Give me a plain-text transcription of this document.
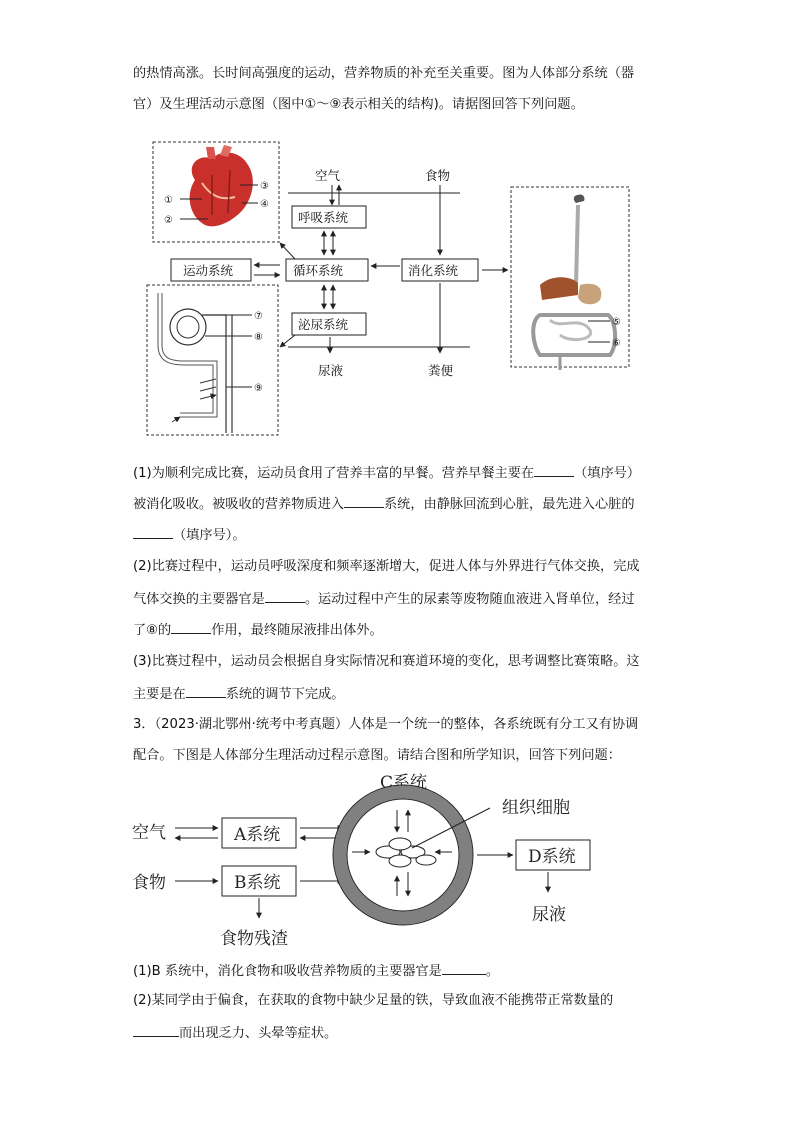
的热情高涨。长时间高强度的运动，营养物质的补充至关重要。图为人体部分系统（器
官）及生理活动示意图（图中①～⑨表示相关的结构)。请据图回答下列问题。
①
②
③
④
空气	食物
呼吸系统
运动系统	循环系统	消化系统
泌尿系统
尿液	粪便
⑤
⑥
⑦
⑧
⑨
(1)为顺利完成比赛，运动员食用了营养丰富的早餐。营养早餐主要在	（填序号）
被消化吸收。被吸收的营养物质进入	系统，由静脉回流到心脏，最先进入心脏的
（填序号）。
(2)比赛过程中，运动员呼吸深度和频率逐渐增大，促进人体与外界进行气体交换，完成
气体交换的主要器官是	。运动过程中产生的尿素等废物随血液进入肾单位，经过
了⑧的	作用，最终随尿液排出体外。
(3)比赛过程中，运动员会根据自身实际情况和赛道环境的变化，思考调整比赛策略。这
主要是在	系统的调节下完成。
3．（2023·湖北鄂州·统考中考真题）人体是一个统一的整体，各系统既有分工又有协调
配合。下图是人体部分生理活动过程示意图。请结合图和所学知识，回答下列问题：
C系统
组织细胞
空气	A系统
食物	B系统
食物残渣
D系统
尿液
(1)B 系统中，消化食物和吸收营养物质的主要器官是	。
(2)某同学由于偏食，在获取的食物中缺少足量的铁，导致血液不能携带正常数量的
而出现乏力、头晕等症状。
